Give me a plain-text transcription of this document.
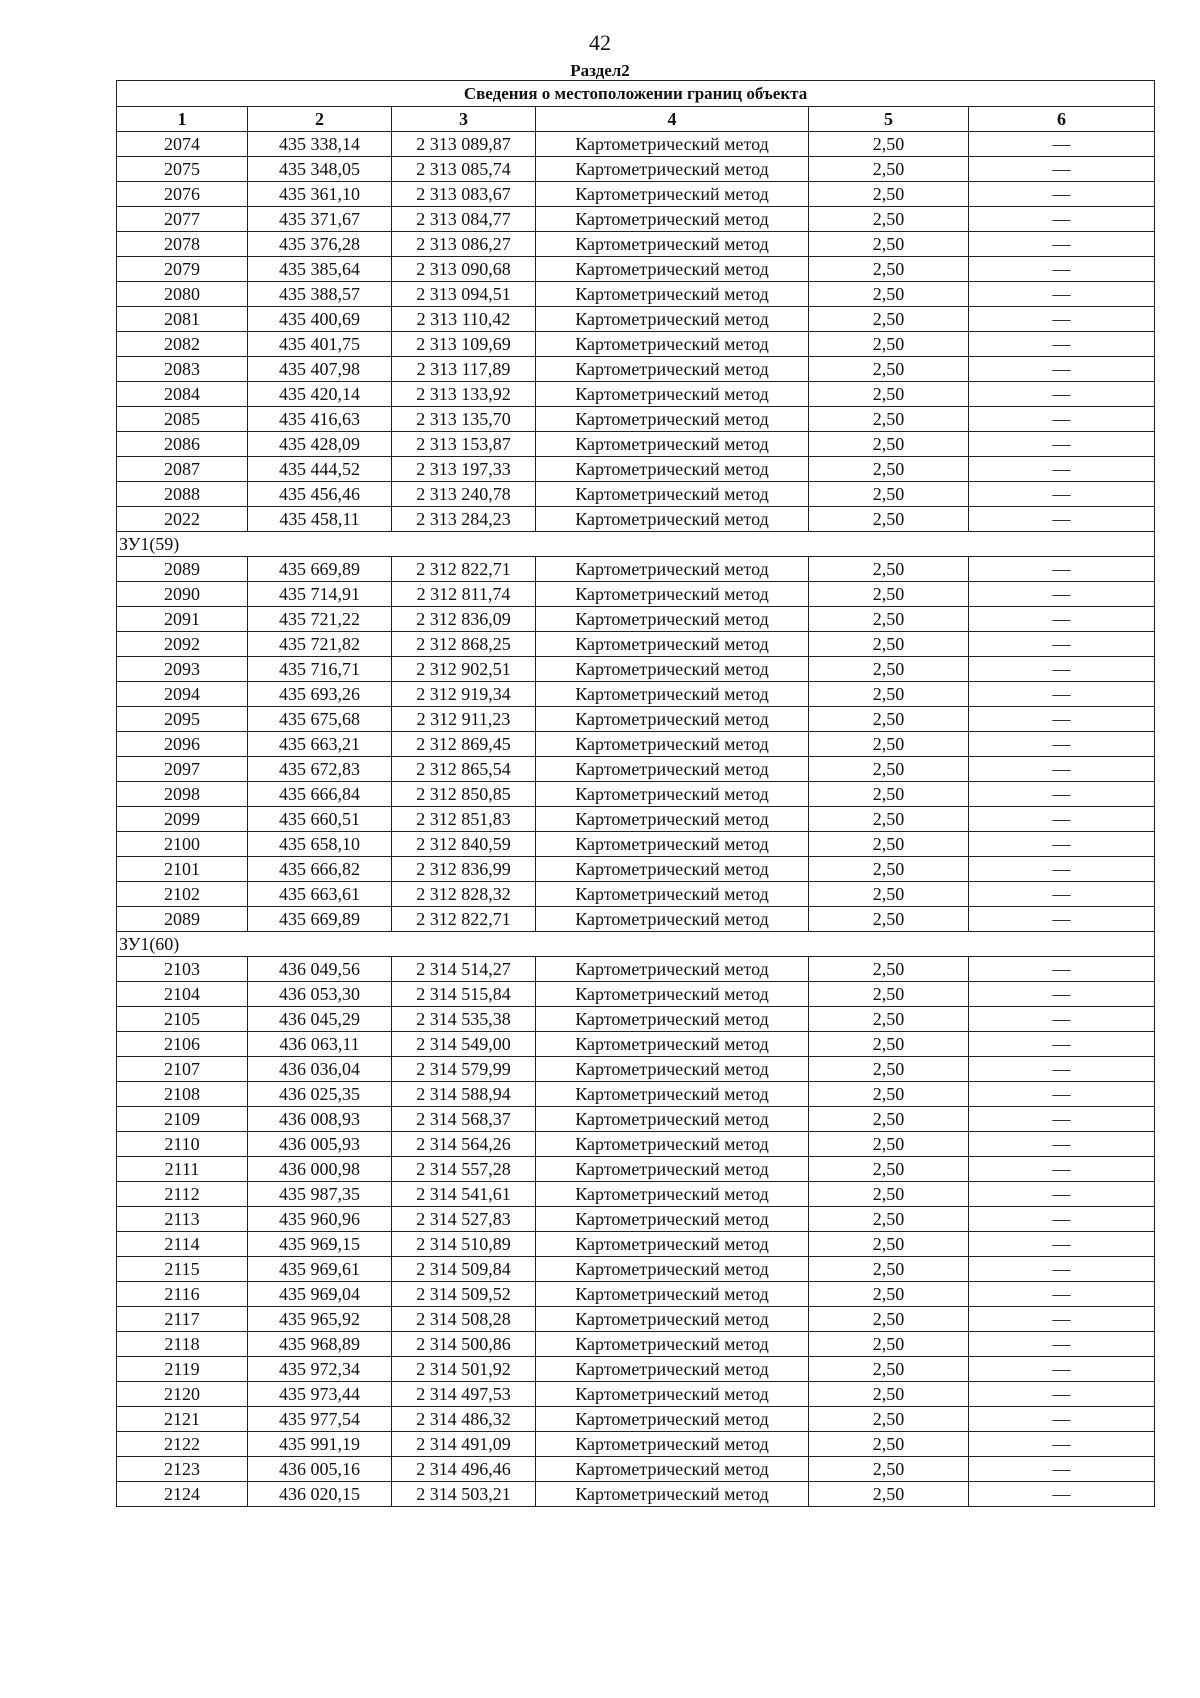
42
Раздел2
Сведения о местоположении границ объекта					
1	2	3	4	5	6
2074	435 338,14	2 313 089,87	Картометрический метод	2,50	—
2075	435 348,05	2 313 085,74	Картометрический метод	2,50	—
2076	435 361,10	2 313 083,67	Картометрический метод	2,50	—
2077	435 371,67	2 313 084,77	Картометрический метод	2,50	—
2078	435 376,28	2 313 086,27	Картометрический метод	2,50	—
2079	435 385,64	2 313 090,68	Картометрический метод	2,50	—
2080	435 388,57	2 313 094,51	Картометрический метод	2,50	—
2081	435 400,69	2 313 110,42	Картометрический метод	2,50	—
2082	435 401,75	2 313 109,69	Картометрический метод	2,50	—
2083	435 407,98	2 313 117,89	Картометрический метод	2,50	—
2084	435 420,14	2 313 133,92	Картометрический метод	2,50	—
2085	435 416,63	2 313 135,70	Картометрический метод	2,50	—
2086	435 428,09	2 313 153,87	Картометрический метод	2,50	—
2087	435 444,52	2 313 197,33	Картометрический метод	2,50	—
2088	435 456,46	2 313 240,78	Картометрический метод	2,50	—
2022	435 458,11	2 313 284,23	Картометрический метод	2,50	—
ЗУ1(59)					
2089	435 669,89	2 312 822,71	Картометрический метод	2,50	—
2090	435 714,91	2 312 811,74	Картометрический метод	2,50	—
2091	435 721,22	2 312 836,09	Картометрический метод	2,50	—
2092	435 721,82	2 312 868,25	Картометрический метод	2,50	—
2093	435 716,71	2 312 902,51	Картометрический метод	2,50	—
2094	435 693,26	2 312 919,34	Картометрический метод	2,50	—
2095	435 675,68	2 312 911,23	Картометрический метод	2,50	—
2096	435 663,21	2 312 869,45	Картометрический метод	2,50	—
2097	435 672,83	2 312 865,54	Картометрический метод	2,50	—
2098	435 666,84	2 312 850,85	Картометрический метод	2,50	—
2099	435 660,51	2 312 851,83	Картометрический метод	2,50	—
2100	435 658,10	2 312 840,59	Картометрический метод	2,50	—
2101	435 666,82	2 312 836,99	Картометрический метод	2,50	—
2102	435 663,61	2 312 828,32	Картометрический метод	2,50	—
2089	435 669,89	2 312 822,71	Картометрический метод	2,50	—
ЗУ1(60)					
2103	436 049,56	2 314 514,27	Картометрический метод	2,50	—
2104	436 053,30	2 314 515,84	Картометрический метод	2,50	—
2105	436 045,29	2 314 535,38	Картометрический метод	2,50	—
2106	436 063,11	2 314 549,00	Картометрический метод	2,50	—
2107	436 036,04	2 314 579,99	Картометрический метод	2,50	—
2108	436 025,35	2 314 588,94	Картометрический метод	2,50	—
2109	436 008,93	2 314 568,37	Картометрический метод	2,50	—
2110	436 005,93	2 314 564,26	Картометрический метод	2,50	—
2111	436 000,98	2 314 557,28	Картометрический метод	2,50	—
2112	435 987,35	2 314 541,61	Картометрический метод	2,50	—
2113	435 960,96	2 314 527,83	Картометрический метод	2,50	—
2114	435 969,15	2 314 510,89	Картометрический метод	2,50	—
2115	435 969,61	2 314 509,84	Картометрический метод	2,50	—
2116	435 969,04	2 314 509,52	Картометрический метод	2,50	—
2117	435 965,92	2 314 508,28	Картометрический метод	2,50	—
2118	435 968,89	2 314 500,86	Картометрический метод	2,50	—
2119	435 972,34	2 314 501,92	Картометрический метод	2,50	—
2120	435 973,44	2 314 497,53	Картометрический метод	2,50	—
2121	435 977,54	2 314 486,32	Картометрический метод	2,50	—
2122	435 991,19	2 314 491,09	Картометрический метод	2,50	—
2123	436 005,16	2 314 496,46	Картометрический метод	2,50	—
2124	436 020,15	2 314 503,21	Картометрический метод	2,50	—
